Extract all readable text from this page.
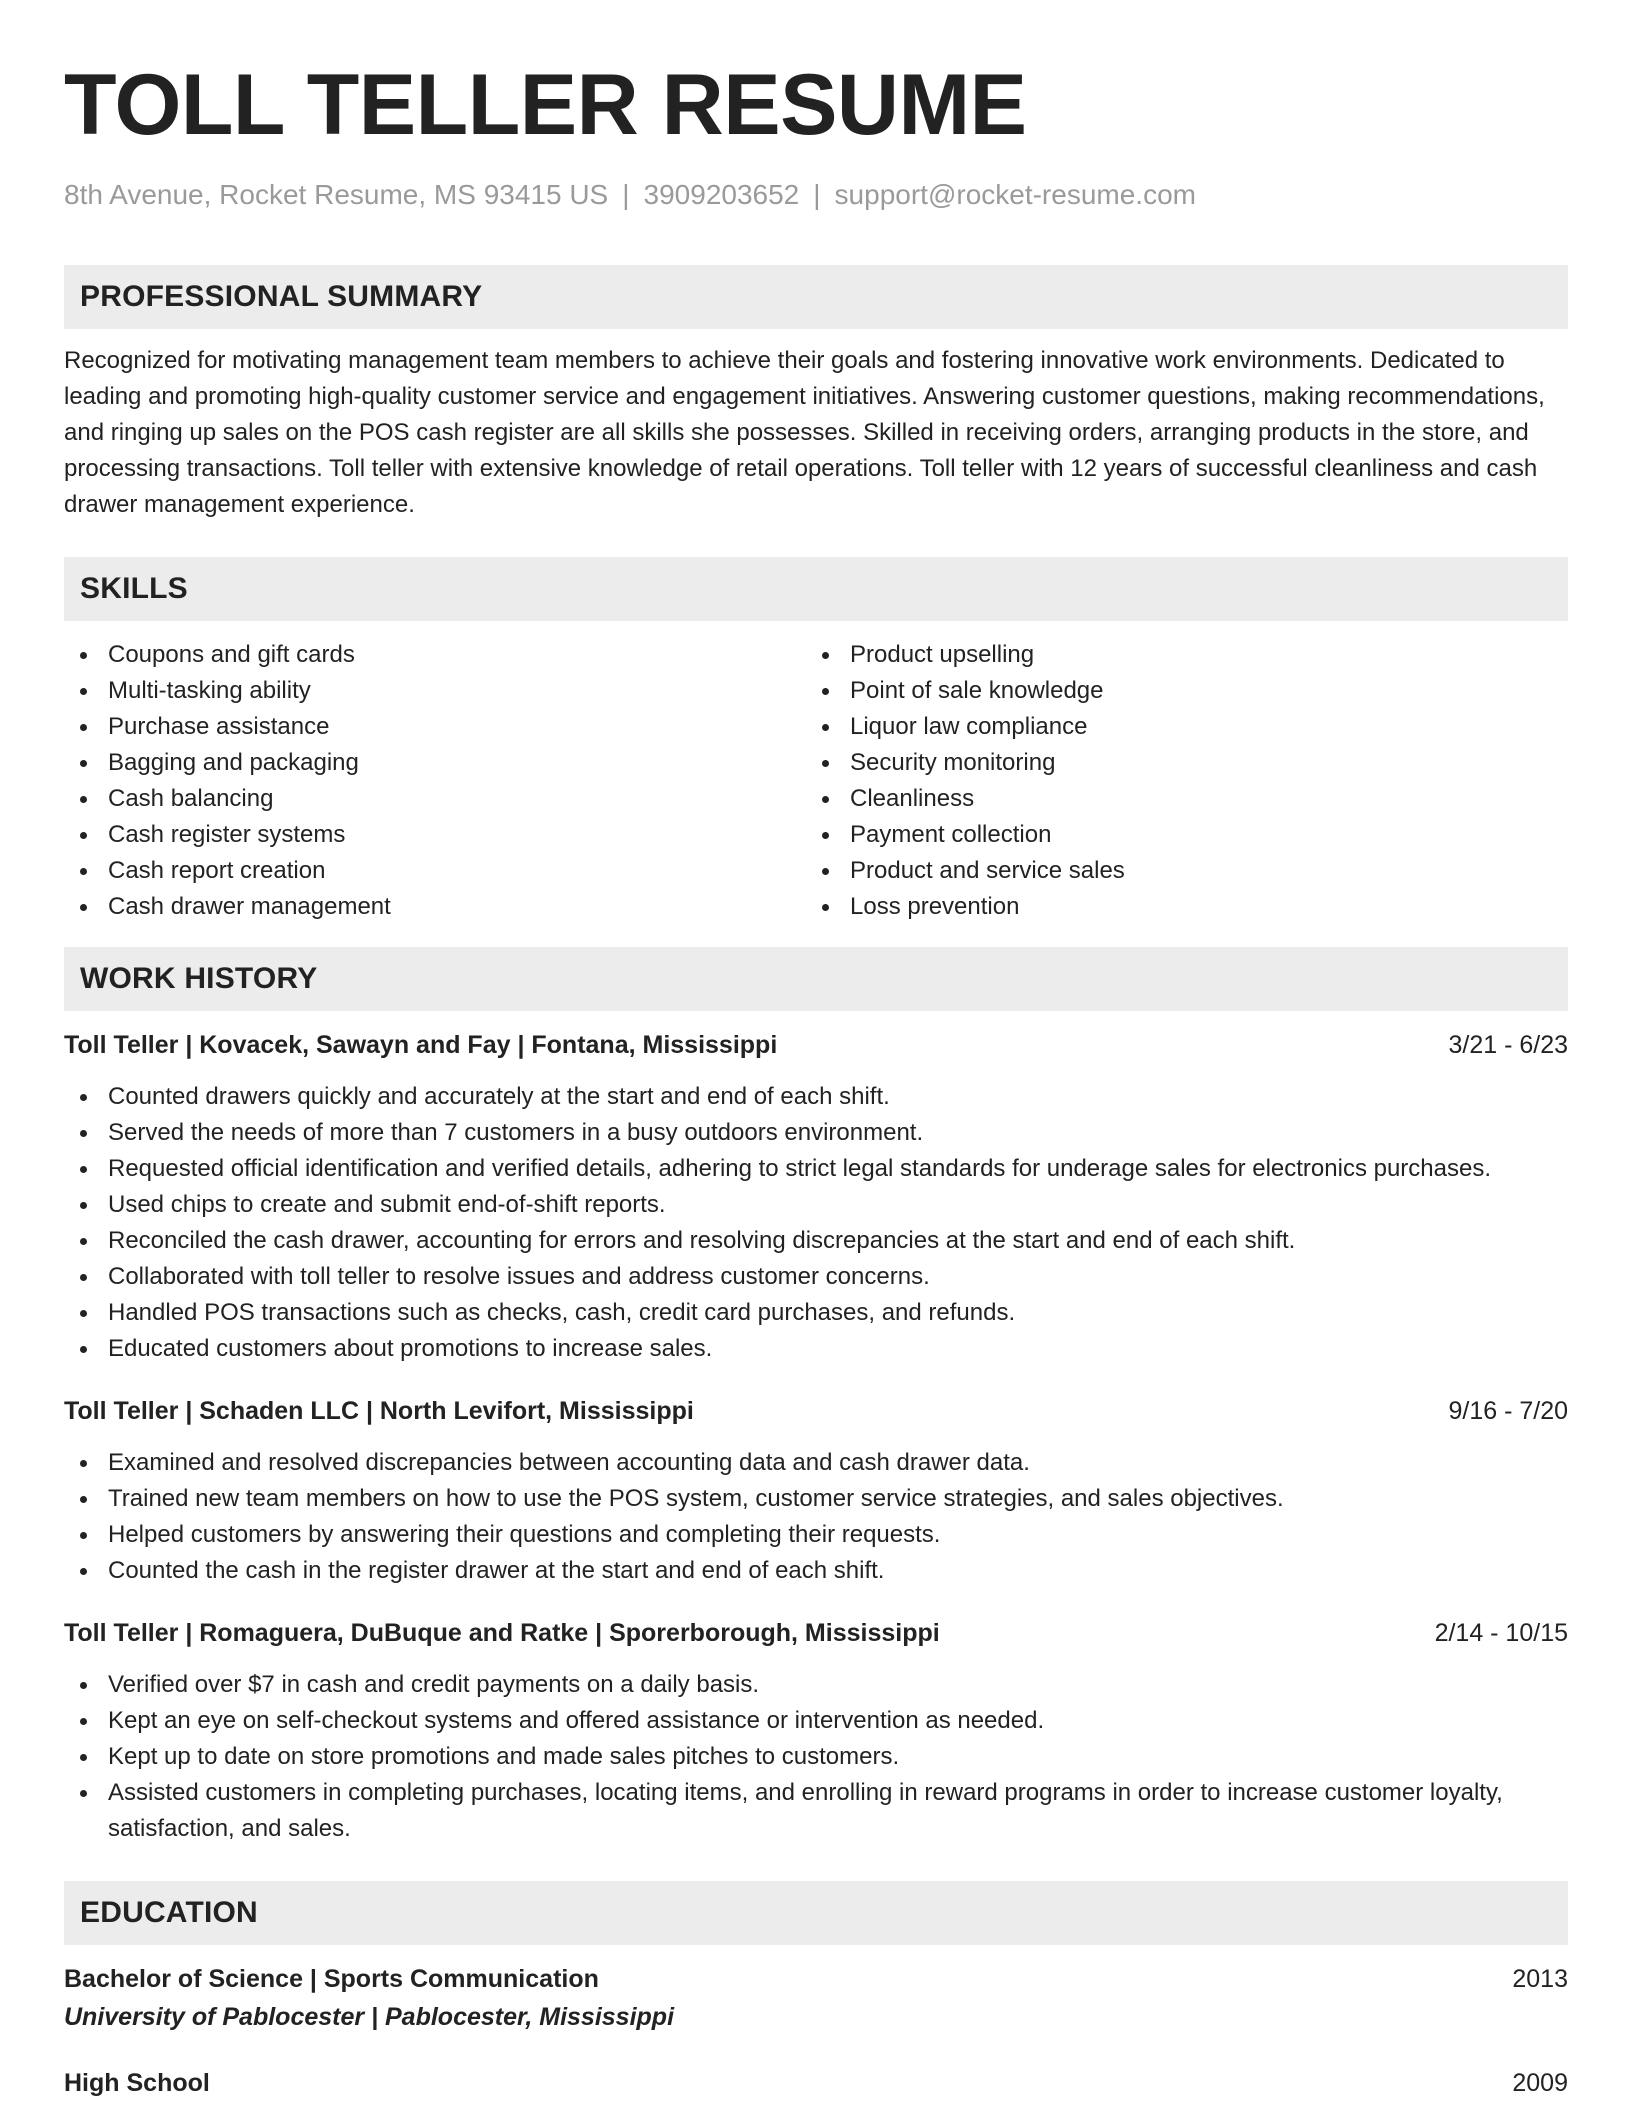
TOLL TELLER RESUME
8th Avenue, Rocket Resume, MS 93415 US | 3909203652 | support@rocket-resume.com
PROFESSIONAL SUMMARY

Recognized for motivating management team members to achieve their goals and fostering innovative work environments. Dedicated to leading and promoting high-quality customer service and engagement initiatives. Answering customer questions, making recommendations, and ringing up sales on the POS cash register are all skills she possesses. Skilled in receiving orders, arranging products in the store, and processing transactions. Toll teller with extensive knowledge of retail operations. Toll teller with 12 years of successful cleanliness and cash drawer management experience.

SKILLS
Coupons and gift cards
Multi-tasking ability
Purchase assistance
Bagging and packaging
Cash balancing
Cash register systems
Cash report creation
Cash drawer management
Product upselling
Point of sale knowledge
Liquor law compliance
Security monitoring
Cleanliness
Payment collection
Product and service sales
Loss prevention
WORK HISTORY
Toll Teller | Kovacek, Sawayn and Fay | Fontana, Mississippi	3/21 - 6/23
Counted drawers quickly and accurately at the start and end of each shift.
Served the needs of more than 7 customers in a busy outdoors environment.
Requested official identification and verified details, adhering to strict legal standards for underage sales for electronics purchases.
Used chips to create and submit end-of-shift reports.
Reconciled the cash drawer, accounting for errors and resolving discrepancies at the start and end of each shift.
Collaborated with toll teller to resolve issues and address customer concerns.
Handled POS transactions such as checks, cash, credit card purchases, and refunds.
Educated customers about promotions to increase sales.
Toll Teller | Schaden LLC | North Levifort, Mississippi	9/16 - 7/20
Examined and resolved discrepancies between accounting data and cash drawer data.
Trained new team members on how to use the POS system, customer service strategies, and sales objectives.
Helped customers by answering their questions and completing their requests.
Counted the cash in the register drawer at the start and end of each shift.
Toll Teller | Romaguera, DuBuque and Ratke | Sporerborough, Mississippi	2/14 - 10/15
Verified over $7 in cash and credit payments on a daily basis.
Kept an eye on self-checkout systems and offered assistance or intervention as needed.
Kept up to date on store promotions and made sales pitches to customers.
Assisted customers in completing purchases, locating items, and enrolling in reward programs in order to increase customer loyalty, satisfaction, and sales.
EDUCATION
Bachelor of Science | Sports Communication	2013
University of Pablocester | Pablocester, Mississippi
High School	2009
